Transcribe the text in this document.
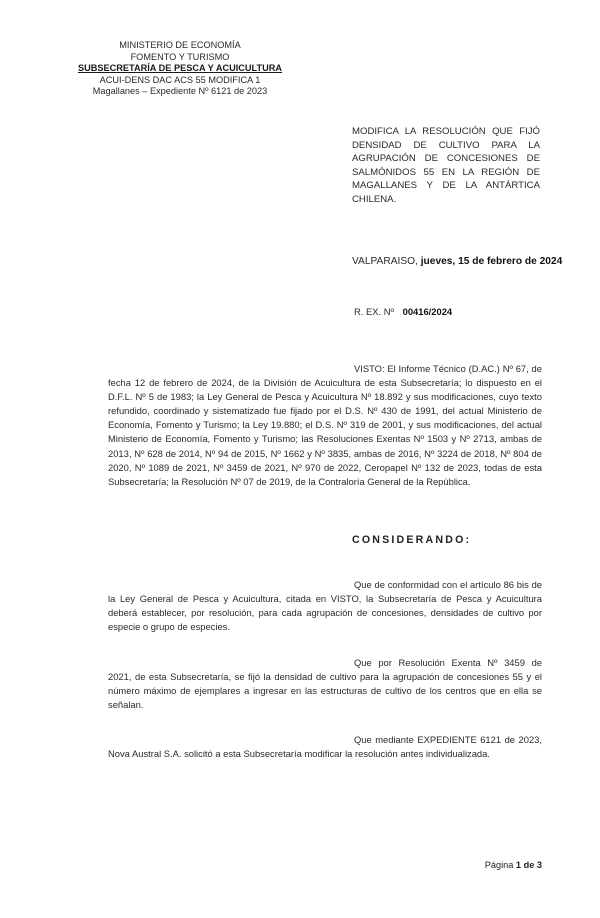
MINISTERIO DE ECONOMÍA
FOMENTO Y TURISMO
SUBSECRETARÍA DE PESCA Y ACUICULTURA
ACUI-DENS DAC ACS 55 MODIFICA 1
Magallanes – Expediente Nº 6121 de 2023
MODIFICA LA RESOLUCIÓN QUE FIJÓ
DENSIDAD DE CULTIVO PARA LA
AGRUPACIÓN DE CONCESIONES DE
SALMÓNIDOS 55 EN LA REGIÓN DE
MAGALLANES Y DE LA ANTÁRTICA CHILENA.
VALPARAISO, jueves, 15 de febrero de 2024
R. EX. Nº 00416/2024
VISTO: El Informe Técnico (D.AC.) Nº 67, de fecha 12 de febrero de 2024, de la División de Acuicultura de esta Subsecretaría; lo dispuesto en el D.F.L. Nº 5 de 1983; la Ley General de Pesca y Acuicultura Nº 18.892 y sus modificaciones, cuyo texto refundido, coordinado y sistematizado fue fijado por el D.S. Nº 430 de 1991, del actual Ministerio de Economía, Fomento y Turismo; la Ley 19.880; el D.S. Nº 319 de 2001, y sus modificaciones, del actual Ministerio de Economía, Fomento y Turismo; las Resoluciones Exentas Nº 1503 y Nº 2713, ambas de 2013, Nº 628 de 2014, Nº 94 de 2015, Nº 1662 y Nº 3835, ambas de 2016, Nº 3224 de 2018, Nº 804 de 2020, Nº 1089 de 2021, Nº 3459 de 2021, Nº 970 de 2022, Ceropapel Nº 132 de 2023, todas de esta Subsecretaría; la Resolución Nº 07 de 2019, de la Contraloría General de la República.
CONSIDERANDO:
Que de conformidad con el artículo 86 bis de la Ley General de Pesca y Acuicultura, citada en VISTO, la Subsecretaría de Pesca y Acuicultura deberá establecer, por resolución, para cada agrupación de concesiones, densidades de cultivo por especie o grupo de especies.
Que por Resolución Exenta Nº 3459 de 2021, de esta Subsecretaría, se fijó la densidad de cultivo para la agrupación de concesiones 55 y el número máximo de ejemplares a ingresar en las estructuras de cultivo de los centros que en ella se señalan.
Que mediante EXPEDIENTE 6121 de 2023, Nova Austral S.A. solicitó a esta Subsecretaría modificar la resolución antes individualizada.
Página 1 de 3
